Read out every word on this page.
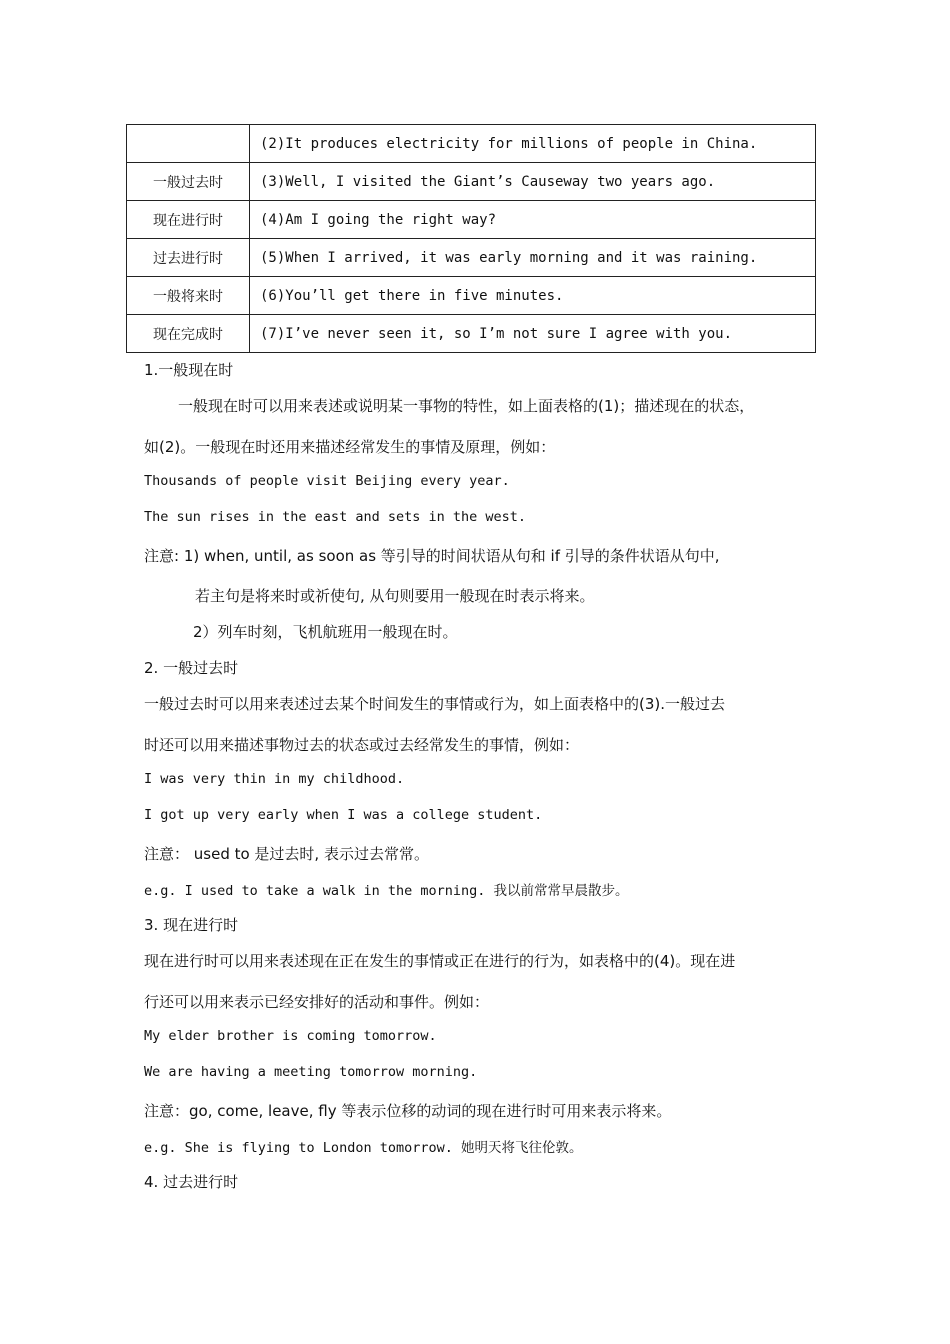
	(2)It produces electricity for millions of people in China.
一般过去时	(3)Well, I visited the Giant’s Causeway two years ago.
现在进行时	(4)Am I going the right way?
过去进行时	(5)When I arrived, it was early morning and it was raining.
一般将来时	(6)You’ll get there in five minutes.
现在完成时	(7)I’ve never seen it, so I’m not sure I agree with you.
1.一般现在时
一般现在时可以用来表述或说明某一事物的特性，如上面表格的(1)；描述现在的状态，
如(2)。一般现在时还用来描述经常发生的事情及原理，例如：
Thousands of people visit Beijing every year.
The sun rises in the east and sets in the west.
注意: 1) when, until, as soon as 等引导的时间状语从句和 if 引导的条件状语从句中,
若主句是将来时或祈使句, 从句则要用一般现在时表示将来。
2）列车时刻，飞机航班用一般现在时。
2. 一般过去时
一般过去时可以用来表述过去某个时间发生的事情或行为，如上面表格中的(3).一般过去
时还可以用来描述事物过去的状态或过去经常发生的事情，例如：
I was very thin in my childhood.
I got up very early when I was a college student.
注意： used to 是过去时, 表示过去常常。
e.g. I used to take a walk in the morning. 我以前常常早晨散步。
3. 现在进行时
现在进行时可以用来表述现在正在发生的事情或正在进行的行为，如表格中的(4)。现在进
行还可以用来表示已经安排好的活动和事件。例如：
My elder brother is coming tomorrow.
We are having a meeting tomorrow morning.
注意：go, come, leave, fly 等表示位移的动词的现在进行时可用来表示将来。
e.g. She is flying to London tomorrow. 她明天将飞往伦敦。
4. 过去进行时
